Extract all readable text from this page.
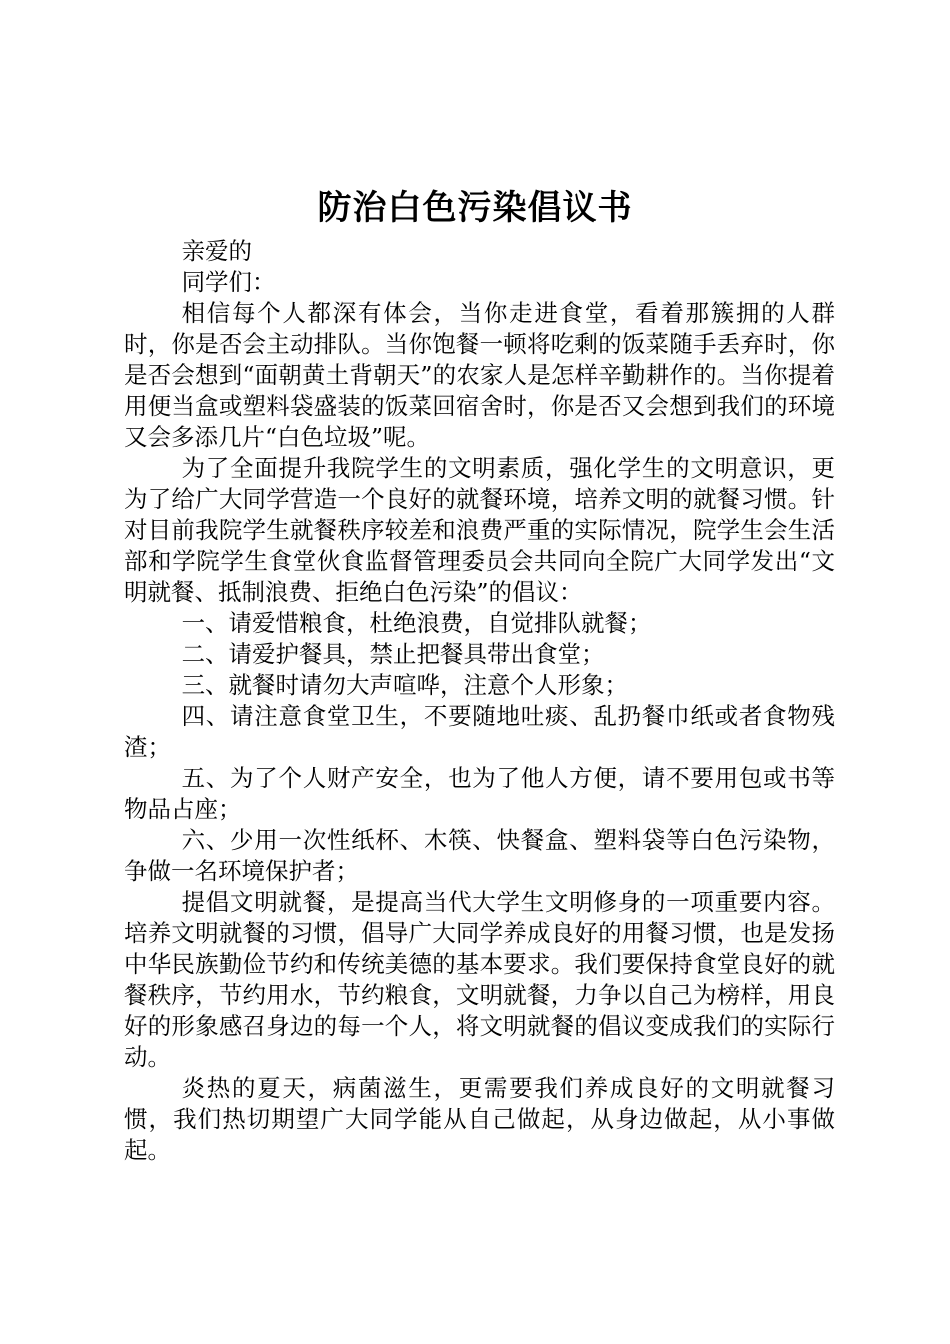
防治白色污染倡议书

亲爱的

同学们：

相信每个人都深有体会，当你走进食堂，看着那簇拥的人群时，你是否会主动排队。当你饱餐一顿将吃剩的饭菜随手丢弃时，你是否会想到“面朝黄土背朝天”的农家人是怎样辛勤耕作的。当你提着用便当盒或塑料袋盛装的饭菜回宿舍时，你是否又会想到我们的环境又会多添几片“白色垃圾”呢。

为了全面提升我院学生的文明素质，强化学生的文明意识，更为了给广大同学营造一个良好的就餐环境，培养文明的就餐习惯。针对目前我院学生就餐秩序较差和浪费严重的实际情况，院学生会生活部和学院学生食堂伙食监督管理委员会共同向全院广大同学发出“文明就餐、抵制浪费、拒绝白色污染”的倡议：

一、请爱惜粮食，杜绝浪费，自觉排队就餐；

二、请爱护餐具，禁止把餐具带出食堂；

三、就餐时请勿大声喧哗，注意个人形象；

四、请注意食堂卫生，不要随地吐痰、乱扔餐巾纸或者食物残渣；

五、为了个人财产安全，也为了他人方便，请不要用包或书等物品占座；

六、少用一次性纸杯、木筷、快餐盒、塑料袋等白色污染物，争做一名环境保护者；

提倡文明就餐，是提高当代大学生文明修身的一项重要内容。培养文明就餐的习惯，倡导广大同学养成良好的用餐习惯，也是发扬中华民族勤俭节约和传统美德的基本要求。我们要保持食堂良好的就餐秩序，节约用水，节约粮食，文明就餐，力争以自己为榜样，用良好的形象感召身边的每一个人，将文明就餐的倡议变成我们的实际行动。

炎热的夏天，病菌滋生，更需要我们养成良好的文明就餐习惯，我们热切期望广大同学能从自己做起，从身边做起，从小事做起。
